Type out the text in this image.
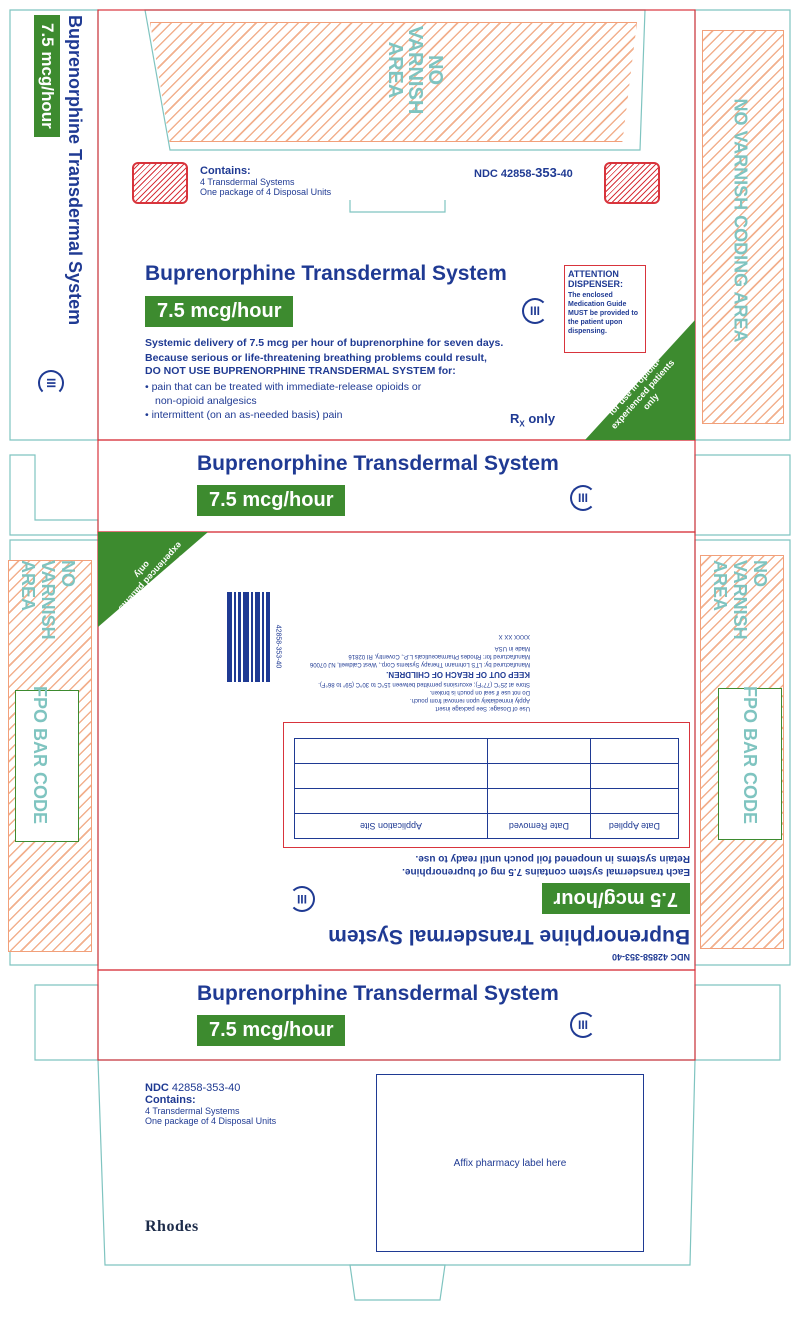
NO VARNISH AREA
Buprenorphine Transdermal System
7.5 mcg/hour
III
NO VARNISH CODING AREA
Contains:
4 Transdermal Systems
One package of 4 Disposal Units
NDC 42858-353-40
Buprenorphine Transdermal System
7.5 mcg/hour	III
Systemic delivery of 7.5 mcg per hour of buprenorphine for seven days.
Because serious or life-threatening breathing problems could result,
DO NOT USE BUPRENORPHINE TRANSDERMAL SYSTEM for:
• pain that can be treated with immediate-release opioids or
non-opioid analgesics
• intermittent (on an as-needed basis) pain	$R_X$ only
ATTENTION DISPENSER:
The enclosed Medication Guide MUST be provided to the patient upon dispensing.
for use in opioid-experienced patients only
Buprenorphine Transdermal System
7.5 mcg/hour	III
NO VARNISH AREA
FPO BAR CODE
NO VARNISH AREA
FPO BAR CODE
for use in opioid-experienced patients only
NDC 42858-353-40
Buprenorphine Transdermal System
7.5 mcg/hour
III
Each transdermal system contains 7.5 mg of buprenorphine.
Retain systems in unopened foil pouch until ready to use.
Date Applied	Date Removed	Application Site

Use of Dosage: See package insert
Apply immediately upon removal from pouch.
Do not use if seal on pouch is broken.
Store at 25°C (77°F); excursions permitted between 15°C to 30°C (59° to 86°F).
KEEP OUT OF REACH OF CHILDREN.
Manufactured by: LTS Lohmann Therapy Systems Corp., West Caldwell, NJ 07006
Manufactured for: Rhodes Pharmaceuticals L.P., Coventry, RI 02816
Made in USA
XXXX XX X
42858-353-40
Buprenorphine Transdermal System
7.5 mcg/hour	III
NDC 42858-353-40
Contains:
4 Transdermal Systems
One package of 4 Disposal Units
Affix pharmacy label here
Rhodes
